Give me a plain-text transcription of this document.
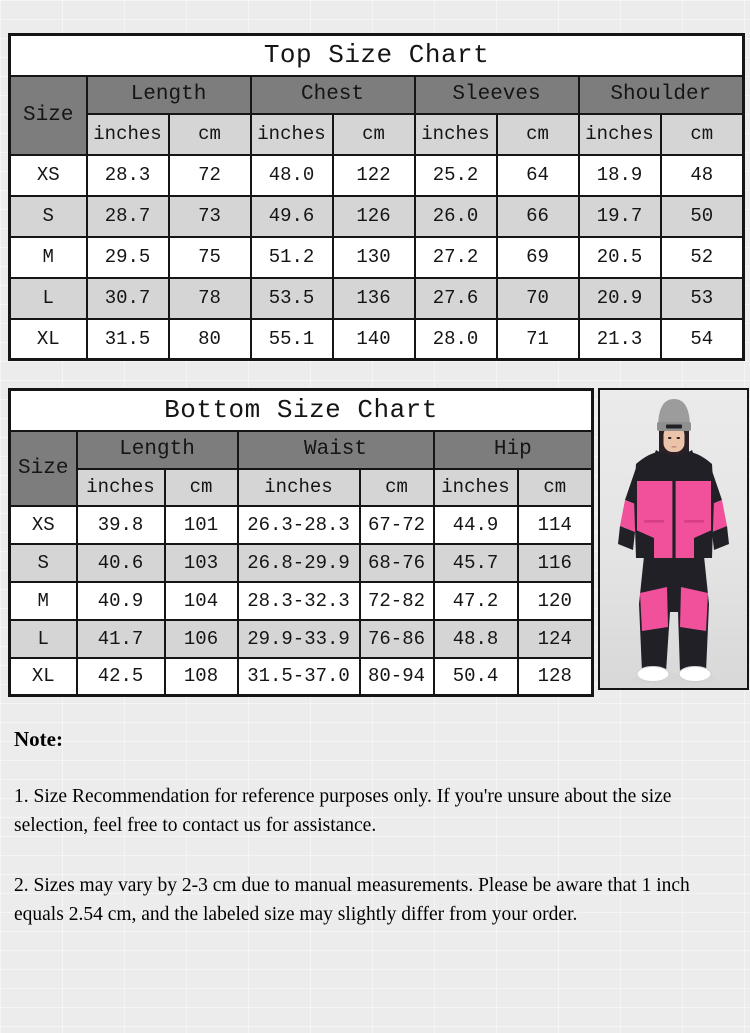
Top Size Chart								
Size	Length		Chest		Sleeves		Shoulder	
	inches	cm	inches	cm	inches	cm	inches	cm
XS	28.3	72	48.0	122	25.2	64	18.9	48
S	28.7	73	49.6	126	26.0	66	19.7	50
M	29.5	75	51.2	130	27.2	69	20.5	52
L	30.7	78	53.5	136	27.6	70	20.9	53
XL	31.5	80	55.1	140	28.0	71	21.3	54
Bottom Size Chart						
Size	Length		Waist		Hip	
	inches	cm	inches	cm	inches	cm
XS	39.8	101	26.3-28.3	67-72	44.9	114
S	40.6	103	26.8-29.9	68-76	45.7	116
M	40.9	104	28.3-32.3	72-82	47.2	120
L	41.7	106	29.9-33.9	76-86	48.8	124
XL	42.5	108	31.5-37.0	80-94	50.4	128

Note:

1. Size Recommendation for reference purposes only. If you're unsure about the size selection, feel free to contact us for assistance.

2. Sizes may vary by 2-3 cm due to manual measurements. Please be aware that 1 inch equals 2.54 cm, and the labeled size may slightly differ from your order.
